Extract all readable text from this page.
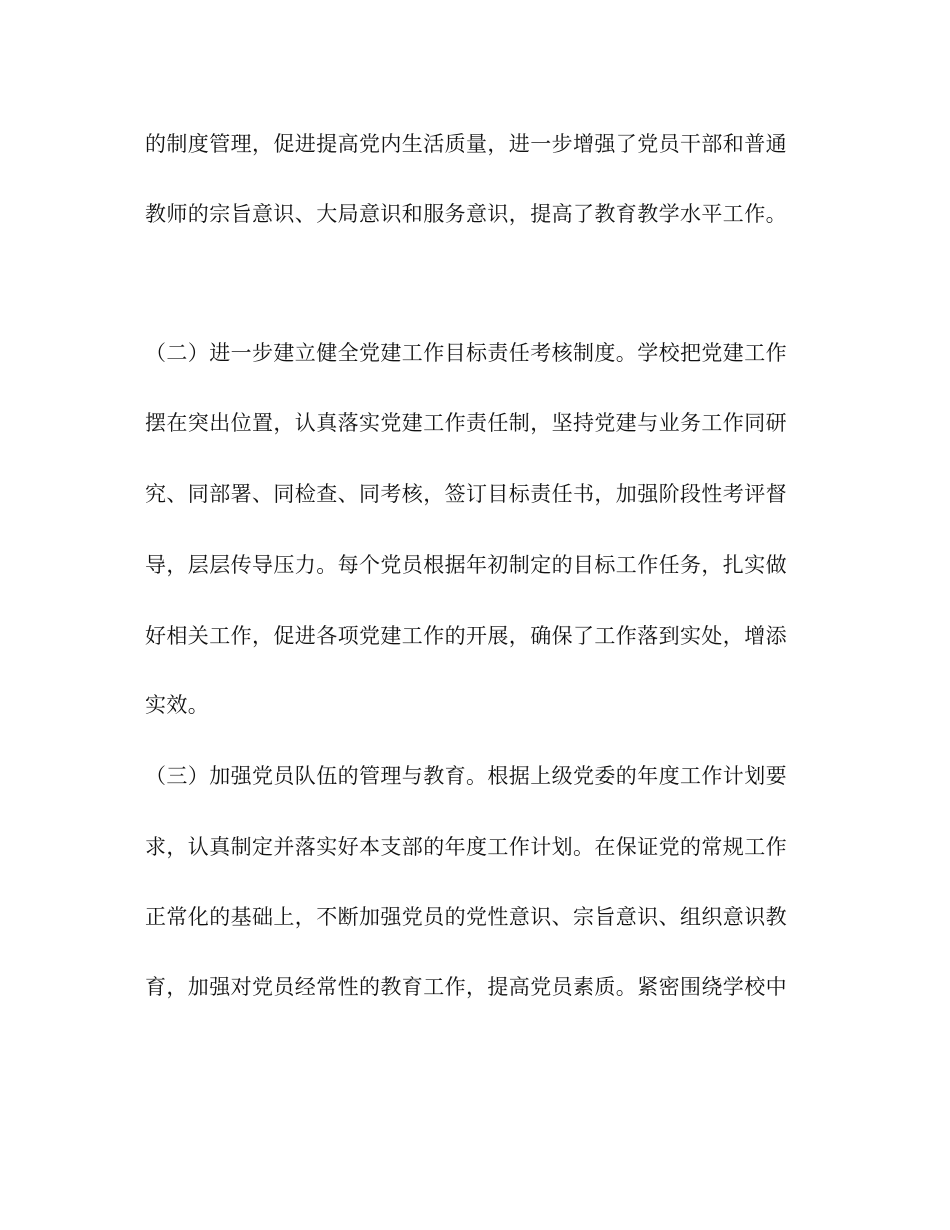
的制度管理，促进提高党内生活质量，进一步增强了党员干部和普通
教师的宗旨意识、大局意识和服务意识，提高了教育教学水平工作。
（二）进一步建立健全党建工作目标责任考核制度。学校把党建工作
摆在突出位置，认真落实党建工作责任制，坚持党建与业务工作同研
究、同部署、同检查、同考核，签订目标责任书，加强阶段性考评督
导，层层传导压力。每个党员根据年初制定的目标工作任务，扎实做
好相关工作，促进各项党建工作的开展，确保了工作落到实处，增添
实效。
（三）加强党员队伍的管理与教育。根据上级党委的年度工作计划要
求，认真制定并落实好本支部的年度工作计划。在保证党的常规工作
正常化的基础上，不断加强党员的党性意识、宗旨意识、组织意识教
育，加强对党员经常性的教育工作，提高党员素质。紧密围绕学校中
